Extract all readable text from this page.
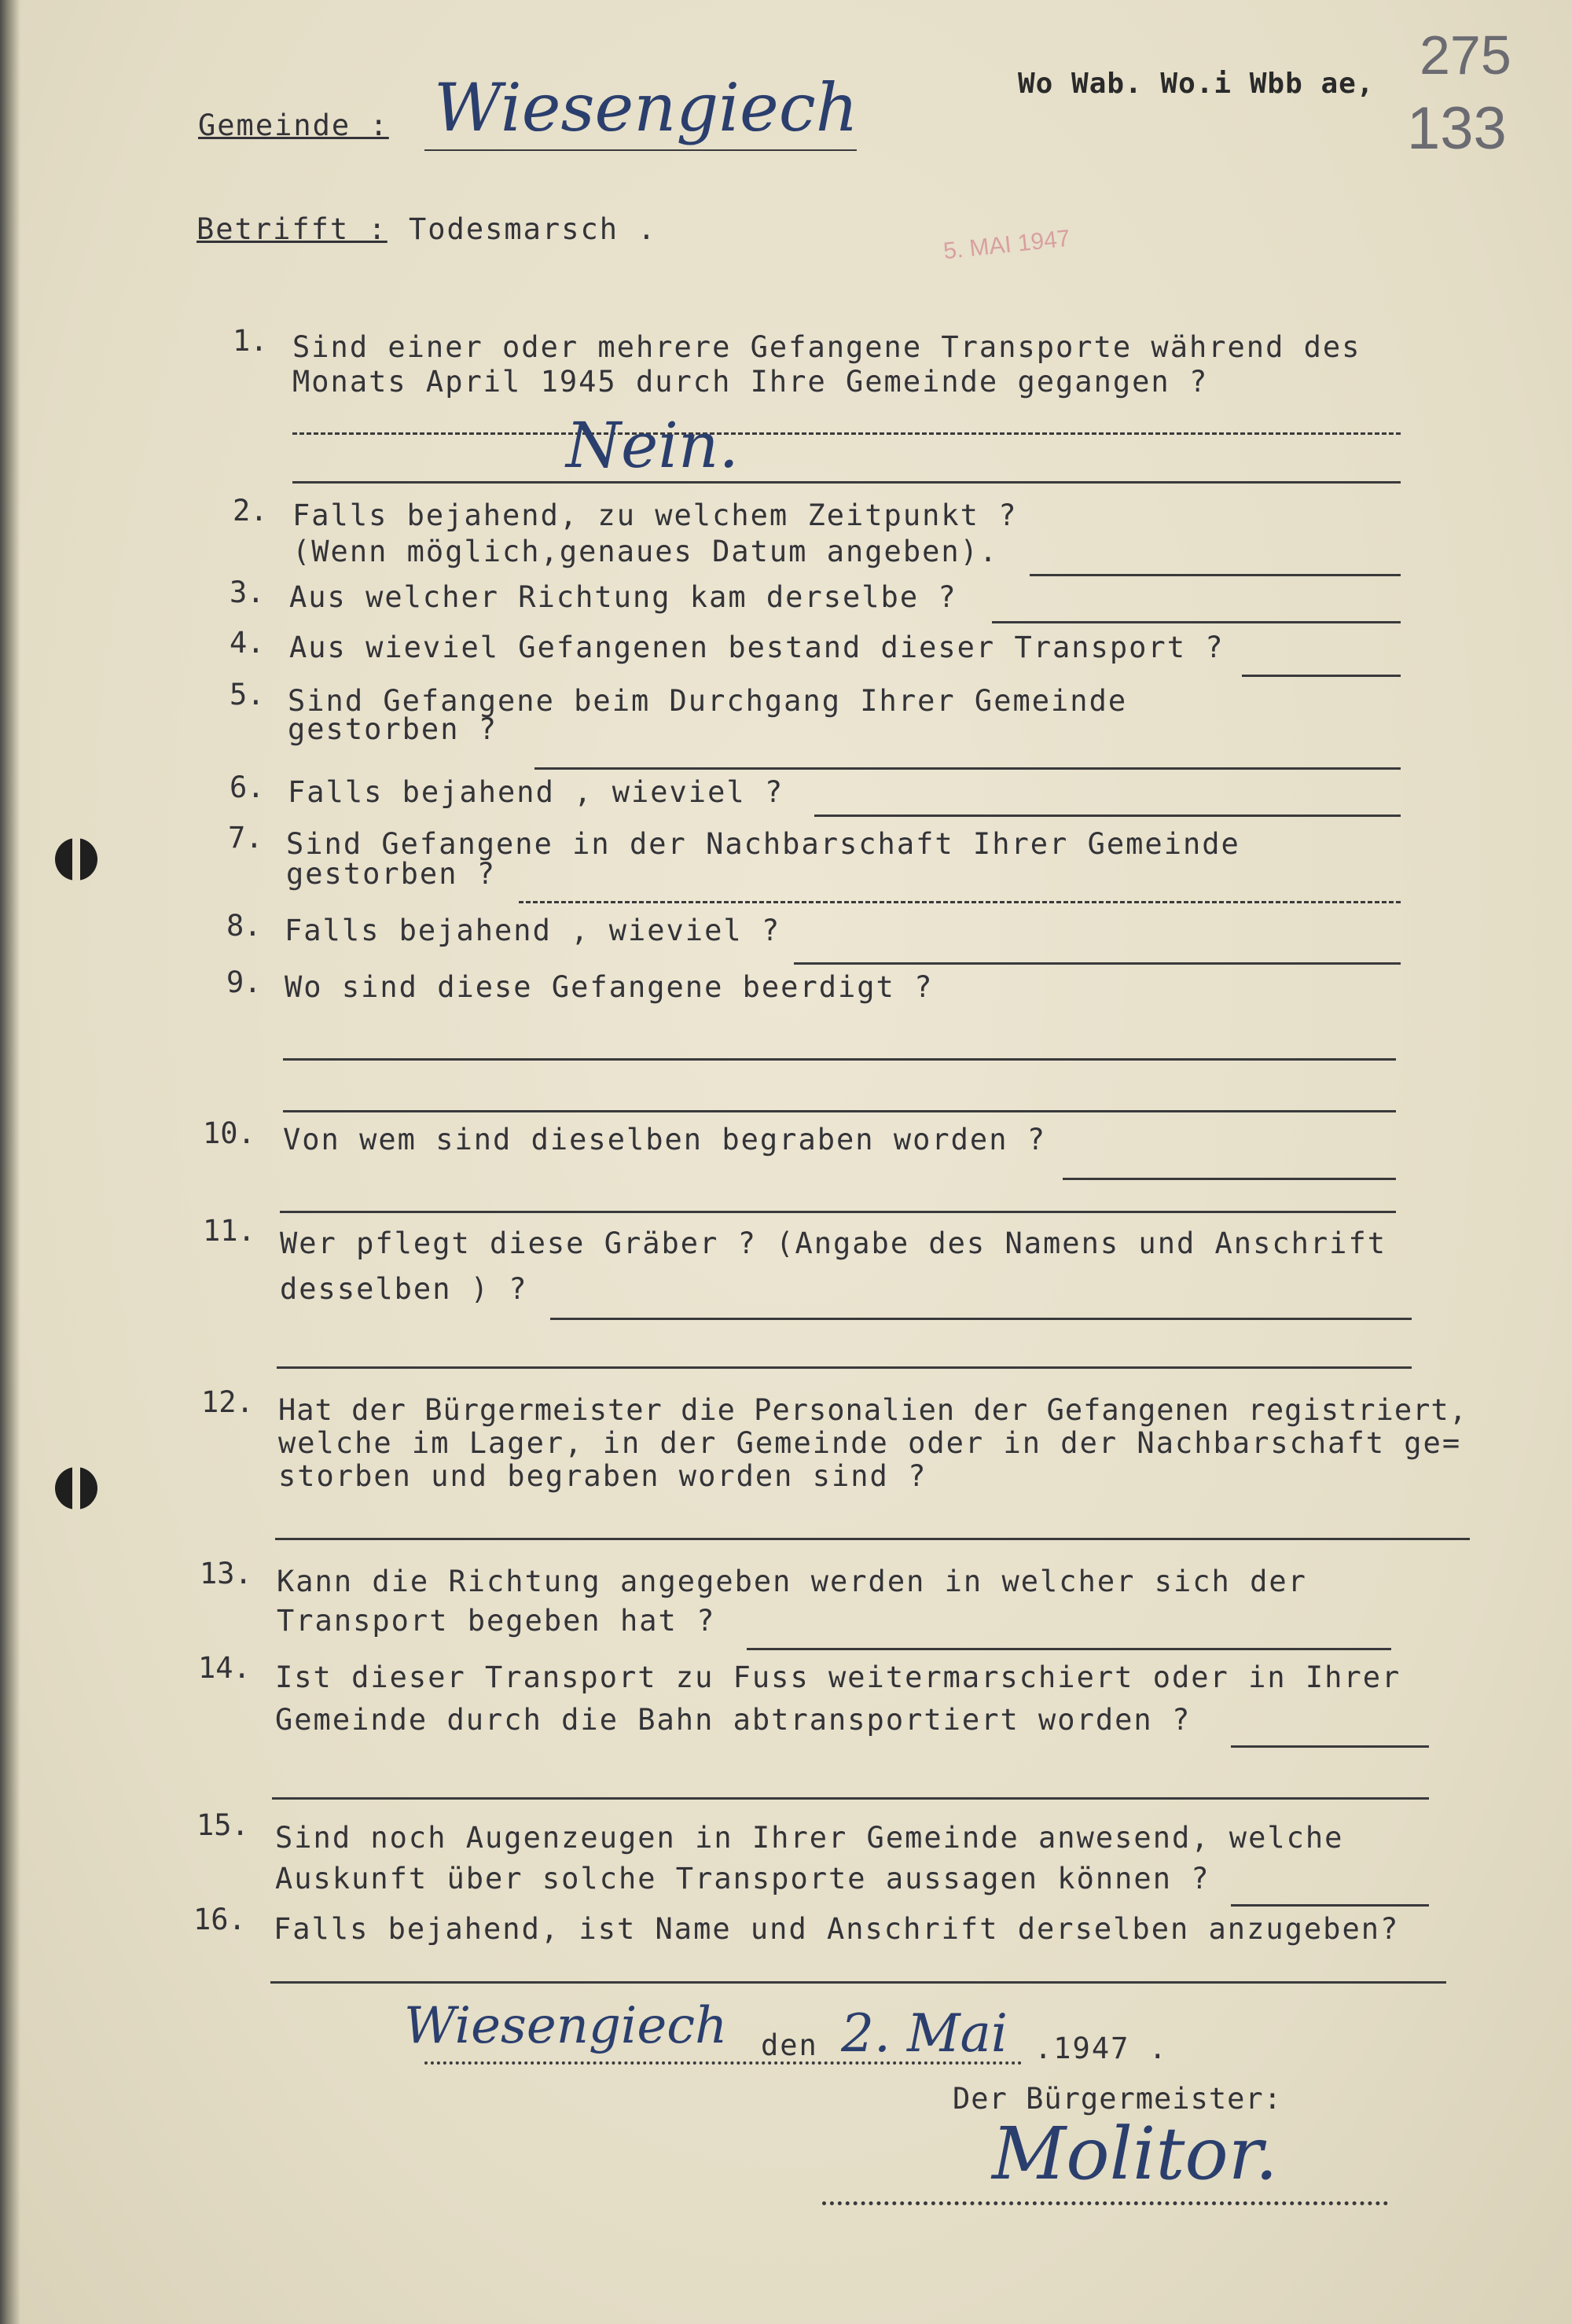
275
133
Wo Wab. Wo.i Wbb ae,
Gemeinde : Wiesengiech
Betrifft : Todesmarsch .	5. MAI 1947
1. Sind einer oder mehrere Gefangene Transporte während des
Monats April 1945 durch Ihre Gemeinde gegangen ?
Nein.
2. Falls bejahend, zu welchem Zeitpunkt ?
(Wenn möglich,genaues Datum angeben).
3. Aus welcher Richtung kam derselbe ?
4. Aus wieviel Gefangenen bestand dieser Transport ?
5. Sind Gefangene beim Durchgang Ihrer Gemeinde
gestorben ?
6. Falls bejahend , wieviel ?
7. Sind Gefangene in der Nachbarschaft Ihrer Gemeinde
gestorben ?
8. Falls bejahend , wieviel ?
9. Wo sind diese Gefangene beerdigt ?
10. Von wem sind dieselben begraben worden ?
11. Wer pflegt diese Gräber ? (Angabe des Namens und Anschrift
desselben ) ?
12. Hat der Bürgermeister die Personalien der Gefangenen registriert,
welche im Lager, in der Gemeinde oder in der Nachbarschaft ge=
storben und begraben worden sind ?
13. Kann die Richtung angegeben werden in welcher sich der
Transport begeben hat ?
14. Ist dieser Transport zu Fuss weitermarschiert oder in Ihrer
Gemeinde durch die Bahn abtransportiert worden ?
15. Sind noch Augenzeugen in Ihrer Gemeinde anwesend, welche
Auskunft über solche Transporte aussagen können ?
16. Falls bejahend, ist Name und Anschrift derselben anzugeben?
Wiesengiech den 2. Mai .1947 .
Der Bürgermeister:
Molitor.
